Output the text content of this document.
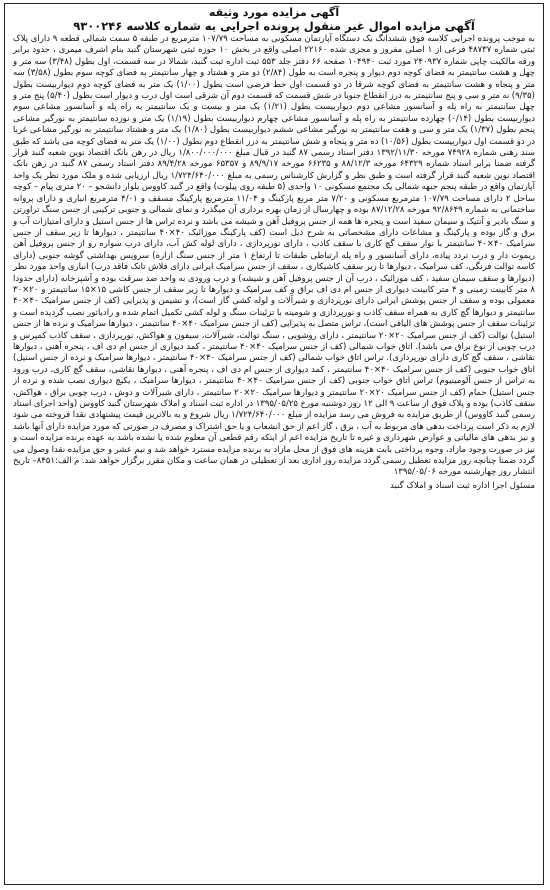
آگهی مزایده مورد وثیقه
آگهی مزایده اموال غیر منقول پرونده اجرایی به شماره کلاسه ۹۳۰۰۲۴۶

به موجب پرونده اجرایی کلاسه فوق ششدانگ یک دستگاه آپارتمان مسکونی به مساحت ۱۰۷/۷۹ مترمربع در طبقه ۵ سمت شمالی قطعه ۹ دارای پلاک ثبتی شماره ۴۸۷۳۷ فرعی از ۱ اصلی مفروز و مجزی شده ۲۲۱۶۰ اصلی واقع در بخش ۱۰ حوزه ثبتی شهرستان گنبد بنام اشرف میمری ، حدود برابر ورقه مالکیت چاپی شماره ۲۴۰۹۳۷ مورد ثبت ۱۰۴۹۴۰ صفحه ۶۶ دفتر جلد ۵۵۳ ثبت اداره ثبت گنبد، شمالا در سه قسمت، اول بطول (۳/۴۸) سه متر و چهل و هشت سانتیمتر به فضای کوچه دوم دیوار و پنجره است به طول (۲/۸۴) دو متر و هشتاد و چهار سانتیمتر به فضای کوچه سوم بطول (۳/۵۸) سه متر و پنجاه و هشت سانتیمتر به فضای کوچه شرقا در دو قسمت اول خط فرضی است بطول (۱/۰۰) یک متر به فضای کوچه دوم دیواربیست بطول (۹/۳۵) نه متر و سی و پنج سانتیمتر به درز انقطاع جنوبا در شش قسمت که قسمت دوم آن شرقی است اول درب و دیوار است بطول (۵/۴۰) پنج متر و چهل سانتیمتر به راه پله و آسانسور مشاعی دوم دیواربیست بطول (۱/۲۱) یک متر و بیست و یک سانتیمتر به راه پله و آسانسور مشاعی سوم دیواربیست بطول (۰/۱۴) چهارده سانتیمتر به راه پله و آسانسور مشاعی چهارم دیواربیست بطول (۱/۱۹) یک متر و نوزده سانتیمتر به نورگیر مشاعی پنجم بطول (۱/۳۷) یک متر و سی و هفت سانتیمتر به نورگیر مشاعی ششم دیواربیست بطول (۱/۸۰) یک متر و هشتاد سانتیمتر به نورگیر مشاعی غربا در دو قسمت اول دیواربیست بطول (۱۰/۵۶) ده متر و پنجاه و شش سانتیمتر به درز انقطاع دوم بطول (۱/۰۰) یک متر به فضای کوچه می باشد که طبق سند رهنی شماره ۷۴۹۲۸ مورخه ۱۳۹۲/۱۱/۳۰ دفتر اسناد رسمی ۸۷ گنبد در قبال مبلغ ۱/۸۰۰/۰۰۰/۰۰۰ ریال در رهن بانک اقتصاد نوین شعبه گنبد قرار گرفته ضمنا برابر اسناد شماره ۶۴۳۲۹ مورخه ۸۸/۱۲/۳ و ۶۶۲۳۵ مورخه ۸۹/۹/۱۷ و ۶۵۳۵۷ مورخه ۸۹/۴/۲۸ دفتر اسناد رسمی ۸۷ گنبد در رهن بانک اقتصاد نوین شعبه گنبد قرار گرفته است و طبق نظر و گزارش کارشناس رسمی به مبلغ ۱/۷۲۴/۶۴۰/۰۰۰ ریال ارزیابی شده و ملک مورد نظر یک واحد آپارتمان واقع در طبقه پنجم جبهه شمالی یک مجتمع مسکونی ۱۰ واحدی (۵ طبقه روی پیلوت) واقع در گنبد کاووس بلوار دانشجو – ۲۰ متری پیام – کوچه ساحل ۲ دارای مساحت ۱۰۷/۷۹ مترمربع مسکونی و ۷/۲۰ متر مربع پارکینگ و ۱۱/۰۴ مترمربع پارکینگ مسقف و ۴/۰۱ مترمربع انباری و دارای پروانه ساختمانی به شماره ۹۲/۸۶۴۹ مورخه ۸۷/۱۲/۲۸ بوده و چهارسال از زمان بهره برداری آن میگذرد و نمای شمالی و جنوبی ترکیبی از جنس سنگ تراورتن و سنگ بادیر و آنتیک و سیمان سفید است و پنجره ها همه از جنس پروفیل آهن و شیشه می باشد و نرده تراس ها از جنس استیل و دارای امتیازات آب و برق و گاز بوده و پارکینگ و مشاعات دارای مشخصاتی به شرح ذیل است (کف پارکینگ موزائیک ۴۰×۴۰ سانتیمتر ، دیوارها تا زیر سقف از جنس سرامیک ۴۰×۴۰ سانتیمتر با نوار سقف گچ کاری با سقف کاذب ، دارای نورپردازی ، دارای لوله کش آب، دارای درب سواره رو از جنس پروفیل آهن ریموت دار و درب تردد پیاده، دارای آسانسور و راه پله ارتباطی طبقات تا ارتفاع ۱ متر از جنس سنگ ازاره) سرویس بهداشتی گوشه جنوبی (دارای کاسه توالت فرنگی، کف سرامیک ، دیوارها تا زیر سقف کاشیکاری ، سقف از جنس سرامیک ایرانی دارای فلاش تانک فاقد درب) انباری واحد مورد نظر (دیوارها و سقف سیمان سفید ، کف موزائیک ، درب آن از جنس پروفیل آهن و شیشه) و درب ورودی به واحد ضد سرقت بوده و آشپزخانه (دارای حدودا ۸ متر کابینت زمینی و ۴ متر کابینت دیواری از جنس ام دی اف براق و کف سرامیک و دیوارها تا زیر سقف از جنس کاشی ۱۵×۱۵ سانتیمتر و ۲۰×۳۰ معمولی بوده و سقف از جنس پوشش ایرانی دارای نورپردازی و شیرآلات و لوله کشی گاز است)، و نشیمن و پذیرایی (کف از جنس سرامیک ۴۰×۴۰ سانتیمتر و دیوارها گچ کاری به همراه سقف کاذب و نورپردازی و شومینه با تزئینات سنگ و لوله کشی تکمیل اتمام شده و رادیاتور نصب گردیده است و تزئینات سقف از جنس پوشش های الیافی است)، تراس متصل به پذیرایی (کف از جنس سرامیک ۴۰×۴۰ سانتیمتر ، دیوارها سرامیک و نرده ها از جنس استیل) توالت (کف از جنس سرامیک ۲۰×۲۰ سانتیمتر ، دارای روشویی ، سنگ توالت، شیرآلات، سیفون و هواکش، نورپردازی ، سقف کاذب کمپرس و درب چوبی از نوع براق می باشد). اتاق خواب شمالی (کف از جنس سرامیک ۴۰×۴۰ سانتیمتر ، کمد دیواری از جنس ام دی اف ، پنجره آهنی ، دیوارها نقاشی ، سقف گچ کاری دارای نورپردازی). تراس اتاق خواب شمالی (کف از جنس سرامیک ۴۰×۴۰ سانتیمتر ، دیوارها سرامیک و نرده از جنس استیل) اتاق خواب جنوبی (کف از جنس سرامیک ۴۰×۴۰ سانتیمتر ، کمد دیواری از جنس ام دی اف ، پنجره آهنی ، دیوارها نقاشی، سقف گچ کاری، درب ورود به تراس از جنس آلومینیوم) تراس اتاق خواب جنوبی (کف از جنس سرامیک ۴۰×۴۰ سانتیمتر ، دیوارها سرامیک ، یکیچ دیواری نصب شده و نرده از جنس استیل) حمام (کف از جنس سرامیک ۲۰×۲۰ سانتیمتر و دیوارها سرامیک ۲۰×۲۰ سانتیمتر ، دارای شیرآلات و دوش ، درب چوبی براق ، هواکش، سقف کاذب) بوده و پلاک فوق از ساعت ۹ الی ۱۲ روز دوشنبه مورخ ۱۳۹۵/۰۵/۲۵ در اداره ثبت اسناد و املاک شهرستان گنبد کاووس (واحد اجرای اسناد رسمی گنبد کاووس) از طریق مزایده به فروش می رسد مزایده از مبلغ ۱/۷۲۴/۶۴۰/۰۰۰ ریال شروع و به بالاترین قیمت پیشنهادی نقدا فروخته می شود لازم به ذکر است پرداخت بدهی های مربوط به آب ، برق ، گاز اعم از حق انشعاب و یا حق اشتراک و مصرف در صورتی که مورد مزایده دارای آنها باشد و نیز بدهی های مالیاتی و عوارض شهرداری و غیره تا تاریخ مزایده اعم از اینکه رقم قطعی آن معلوم شده یا نشده باشد به عهده برنده مزایده است و نیز در صورت وجود مازاد، وجوه پرداختی بابت هزینه های فوق از محل مازاد به برنده مزایده مسترد خواهد شد و نیم عشر و حق مزایده نقدا وصول می گردد ضمنا چنانچه روز مزایده تعطیل رسمی گردد مزایده روز اداری بعد از تعطیلی در همان ساعت و مکان مقرر برگزار خواهد شد. م الف:۸۴۵۱– تاریخ انتشار روز چهارشنبه مورخه ۱۳۹۵/۰۵/۰۶

مسئول اجرا اداره ثبت اسناد و املاک گنبد
